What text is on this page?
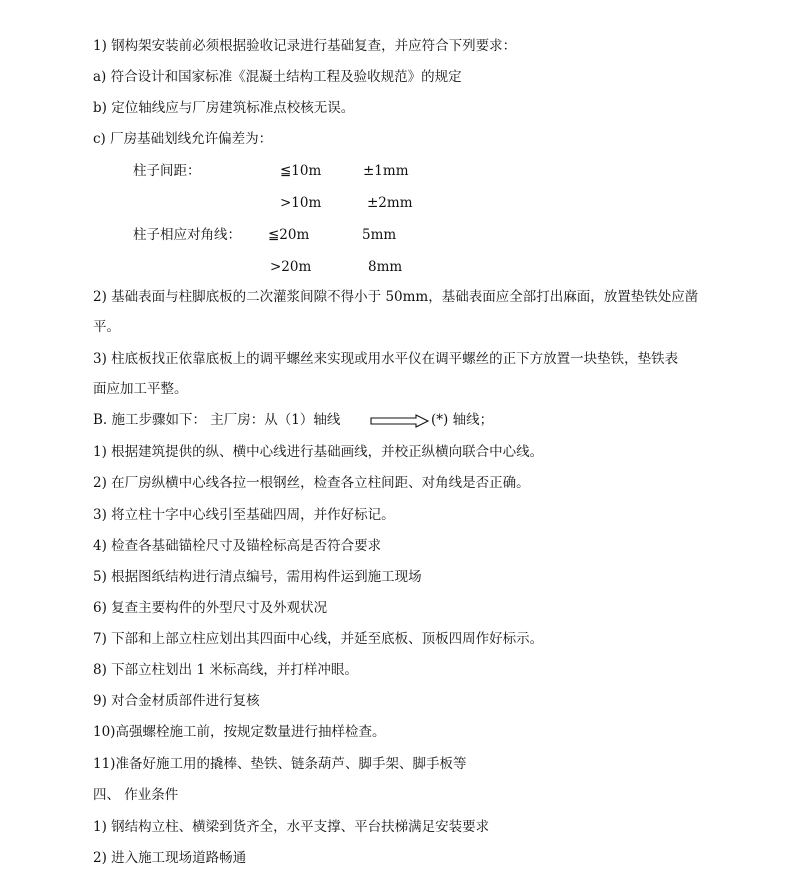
1) 钢构架安装前必须根据验收记录进行基础复查，并应符合下列要求：
a) 符合设计和国家标准《混凝土结构工程及验收规范》的规定
b) 定位轴线应与厂房建筑标准点校核无误。
c) 厂房基础划线允许偏差为：
柱子间距：	≦10m	±1mm
>10m	±2mm
柱子相应对角线： ≦20m	5mm
>20m	8mm
2) 基础表面与柱脚底板的二次灌浆间隙不得小于 50mm，基础表面应全部打出麻面，放置垫铁处应凿
平。
3) 柱底板找正依靠底板上的调平螺丝来实现或用水平仪在调平螺丝的正下方放置一块垫铁，垫铁表
面应加工平整。
B. 施工步骤如下： 主厂房：从（1）轴线	(*) 轴线；
1) 根据建筑提供的纵、横中心线进行基础画线，并校正纵横向联合中心线。
2) 在厂房纵横中心线各拉一根钢丝，检查各立柱间距、对角线是否正确。
3) 将立柱十字中心线引至基础四周，并作好标记。
4) 检查各基础锚栓尺寸及锚栓标高是否符合要求
5) 根据图纸结构进行清点编号，需用构件运到施工现场
6) 复查主要构件的外型尺寸及外观状况
7) 下部和上部立柱应划出其四面中心线，并延至底板、顶板四周作好标示。
8) 下部立柱划出 1 米标高线，并打样冲眼。
9) 对合金材质部件进行复核
10)高强螺栓施工前，按规定数量进行抽样检查。
11)准备好施工用的撬棒、垫铁、链条葫芦、脚手架、脚手板等
四、 作业条件
1) 钢结构立柱、横梁到货齐全，水平支撑、平台扶梯满足安装要求
2) 进入施工现场道路畅通
